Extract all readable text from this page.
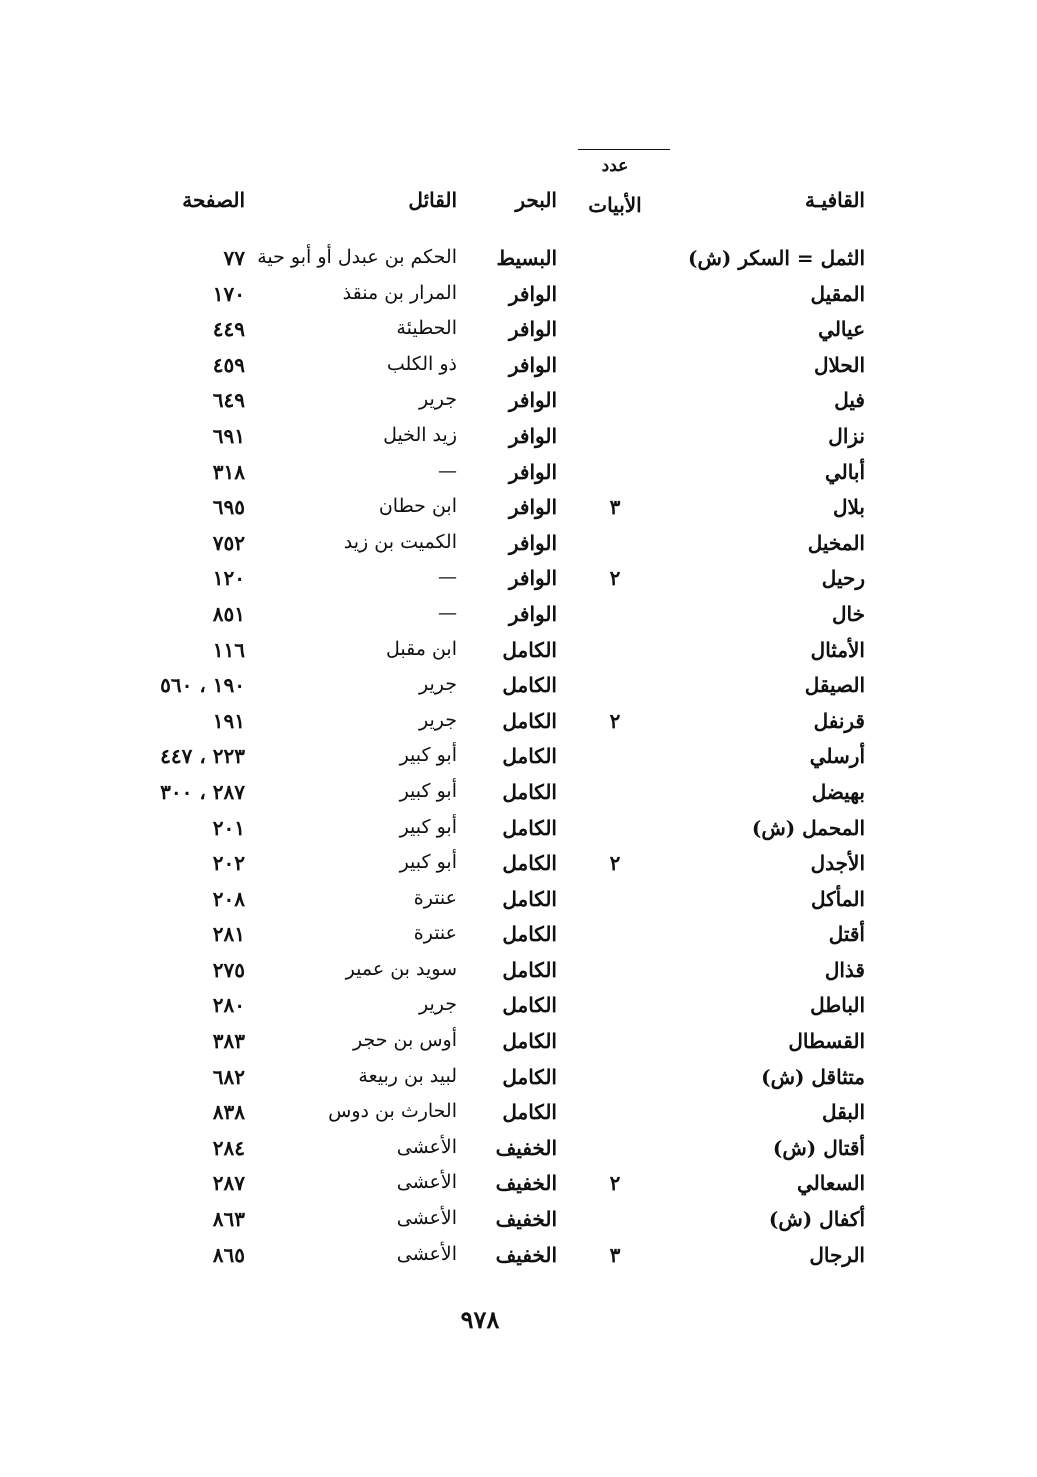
عدد
القافيـة
الأبيات
البحر
القائل
الصفحة
الثمل = السكر (ش)
البسيط
الحكم بن عبدل أو أبو حية
٧٧
المقيل
الوافر
المرار بن منقذ
١٧٠
عيالي
الوافر
الحطيئة
٤٤٩
الحلال
الوافر
ذو الكلب
٤٥٩
فيل
الوافر
جرير
٦٤٩
نزال
الوافر
زيد الخيل
٦٩١
أبالي
الوافر
—
٣١٨
بلال
٣
الوافر
ابن حطان
٦٩٥
المخيل
الوافر
الكميت بن زيد
٧٥٢
رحيل
٢
الوافر
—
١٢٠
خال
الوافر
—
٨٥١
الأمثال
الكامل
ابن مقبل
١١٦
الصيقل
الكامل
جرير
١٩٠ ، ٥٦٠
قرنفل
٢
الكامل
جرير
١٩١
أرسلي
الكامل
أبو كبير
٢٢٣ ، ٤٤٧
بهيضل
الكامل
أبو كبير
٢٨٧ ، ٣٠٠
المحمل (ش)
الكامل
أبو كبير
٢٠١
الأجدل
٢
الكامل
أبو كبير
٢٠٢
المأكل
الكامل
عنترة
٢٠٨
أقتل
الكامل
عنترة
٢٨١
قذال
الكامل
سويد بن عمير
٢٧٥
الباطل
الكامل
جرير
٢٨٠
القسطال
الكامل
أوس بن حجر
٣٨٣
متثاقل (ش)
الكامل
لبيد بن ربيعة
٦٨٢
البقل
الكامل
الحارث بن دوس
٨٣٨
أقتال (ش)
الخفيف
الأعشى
٢٨٤
السعالي
٢
الخفيف
الأعشى
٢٨٧
أكفال (ش)
الخفيف
الأعشى
٨٦٣
الرجال
٣
الخفيف
الأعشى
٨٦٥
٩٧٨
